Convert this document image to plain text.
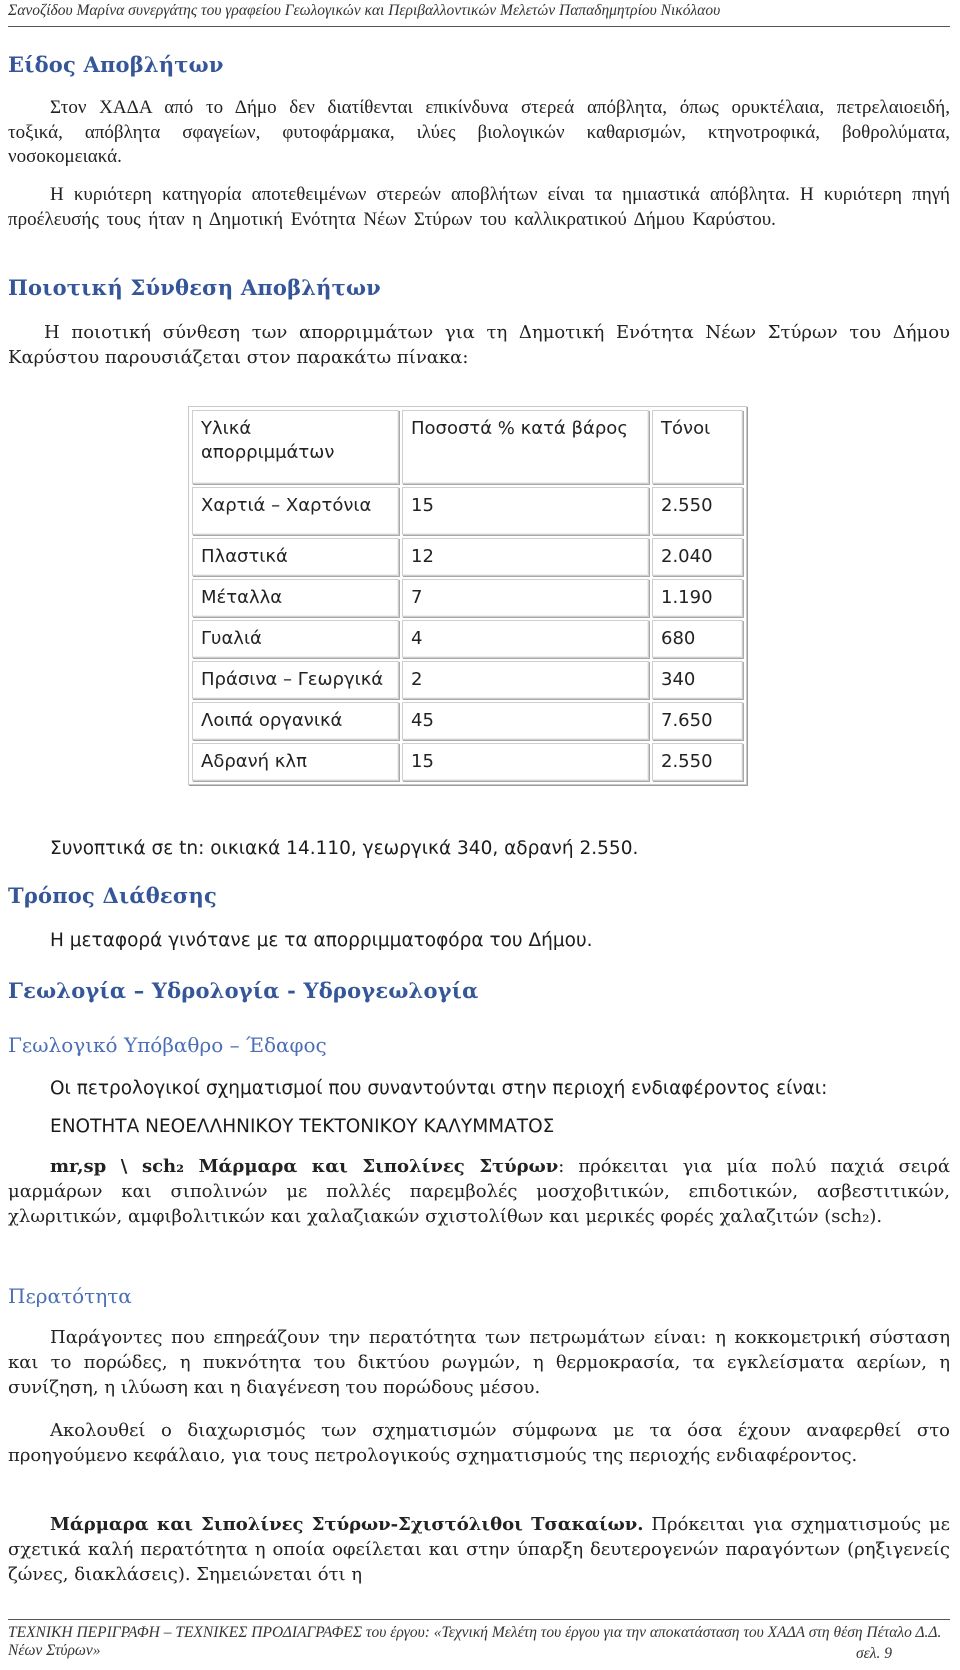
Σανοζίδου Μαρίνα συνεργάτης του γραφείου Γεωλογικών και Περιβαλλοντικών Μελετών Παπαδημητρίου Νικόλαου
Είδος Αποβλήτων

Στον ΧΑΔΑ από το Δήμο δεν διατίθενται επικίνδυνα στερεά απόβλητα, όπως ορυκτέλαια, πετρελαιοειδή, τοξικά, απόβλητα σφαγείων, φυτοφάρμακα, ιλύες βιολογικών καθαρισμών, κτηνοτροφικά, βοθρολύματα, νοσοκομειακά.

Η κυριότερη κατηγορία αποτεθειμένων στερεών αποβλήτων είναι τα ημιαστικά απόβλητα. Η κυριότερη πηγή προέλευσής τους ήταν η Δημοτική Ενότητα Νέων Στύρων του καλλικρατικού Δήμου Καρύστου.

Ποιοτική Σύνθεση Αποβλήτων

Η ποιοτική σύνθεση των απορριμμάτων για τη Δημοτική Ενότητα Νέων Στύρων του Δήμου Καρύστου παρουσιάζεται στον παρακάτω πίνακα:

Υλικά απορριμμάτων	Ποσοστά % κατά βάρος	Τόνοι
Χαρτιά – Χαρτόνια	15	2.550
Πλαστικά	12	2.040
Μέταλλα	7	1.190
Γυαλιά	4	680
Πράσινα – Γεωργικά	2	340
Λοιπά οργανικά	45	7.650
Αδρανή κλπ	15	2.550
Συνοπτικά σε tn: οικιακά 14.110, γεωργικά 340, αδρανή 2.550.
Τρόπος Διάθεσης
Η μεταφορά γινότανε με τα απορριμματοφόρα του Δήμου.
Γεωλογία – Υδρολογία - Υδρογεωλογία
Γεωλογικό Υπόβαθρο – Έδαφος
Οι πετρολογικοί σχηματισμοί που συναντούνται στην περιοχή ενδιαφέροντος είναι:
ΕΝΟΤΗΤΑ ΝΕΟΕΛΛΗΝΙΚΟΥ ΤΕΚΤΟΝΙΚΟΥ ΚΑΛΥΜΜΑΤΟΣ

mr,sp \ sch₂ Μάρμαρα και Σιπολίνες Στύρων: πρόκειται για μία πολύ παχιά σειρά μαρμάρων και σιπολινών με πολλές παρεμβολές μοσχοβιτικών, επιδοτικών, ασβεστιτικών, χλωριτικών, αμφιβολιτικών και χαλαζιακών σχιστολίθων και μερικές φορές χαλαζιτών (sch₂).

Περατότητα

Παράγοντες που επηρεάζουν την περατότητα των πετρωμάτων είναι: η κοκκομετρική σύσταση και το πορώδες, η πυκνότητα του δικτύου ρωγμών, η θερμοκρασία, τα εγκλείσματα αερίων, η συνίζηση, η ιλύωση και η διαγένεση του πορώδους μέσου.

Ακολουθεί ο διαχωρισμός των σχηματισμών σύμφωνα με τα όσα έχουν αναφερθεί στο προηγούμενο κεφάλαιο, για τους πετρολογικούς σχηματισμούς της περιοχής ενδιαφέροντος.

Μάρμαρα και Σιπολίνες Στύρων-Σχιστόλιθοι Τσακαίων. Πρόκειται για σχηματισμούς με σχετικά καλή περατότητα η οποία οφείλεται και στην ύπαρξη δευτερογενών παραγόντων (ρηξιγενείς ζώνες, διακλάσεις). Σημειώνεται ότι η

ΤΕΧΝΙΚΗ ΠΕΡΙΓΡΑΦΗ – ΤΕΧΝΙΚΕΣ ΠΡΟΔΙΑΓΡΑΦΕΣ του έργου: «Τεχνική Μελέτη του έργου για την αποκατάσταση του ΧΑΔΑ στη θέση Πέταλο Δ.Δ. Νέων Στύρων»	σελ. 9
